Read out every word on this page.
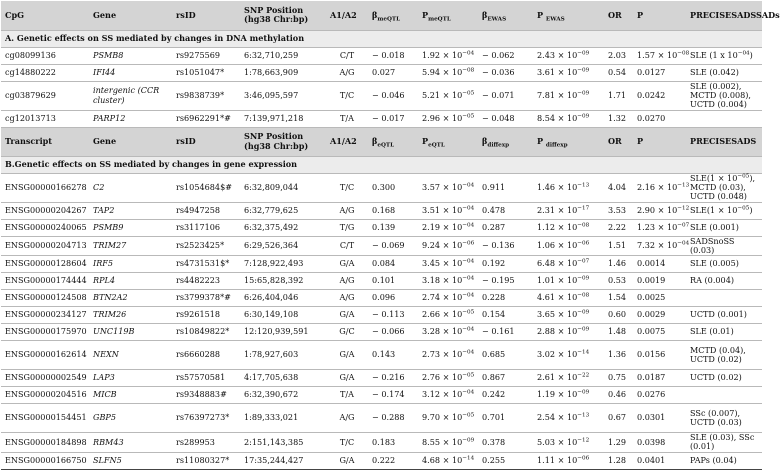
CpG	Gene	rsID	SNP Position (hg38 Chr:bp)	A1/A2	$\beta_{meQTL}$	$P_{meQTL}$	$\beta_{EWAS}$	P $_{EWAS}$	OR	P	PRECISESADSSADs
A. Genetic effects on SS mediated by changes in DNA methylation											
cg08099136	PSMB8	rs9275569	6:32,710,259	C/T	− 0.018	$1.92 \times 10^{-04}$	− 0.062	$2.43 \times 10^{-09}$	2.03	$1.57 \times 10^{-08}$	SLE (1 x $10^{-04}$)
cg14880222	IFI44	rs1051047*	1:78,663,909	A/G	0.027	$5.94 \times 10^{-08}$	− 0.036	$3.61 \times 10^{-09}$	0.54	0.0127	SLE (0.042)
cg03879629	intergenic (CCR cluster)	rs9838739*	3:46,095,597	T/C	− 0.046	$5.21 \times 10^{-05}$	− 0.071	$7.81 \times 10^{-09}$	1.71	0.0242	SLE (0.002), MCTD (0.008), UCTD (0.004)
cg12013713	PARP12	rs6962291*#	7:139,971,218	T/A	− 0.017	$2.96 \times 10^{-05}$	− 0.048	$8.54 \times 10^{-09}$	1.32	0.0270	
Transcript	Gene	rsID	SNP Position (hg38 Chr:bp)	A1/A2	$\beta_{eQTL}$	$P_{eQTL}$	$\beta_{diffexp}$	P $_{diffexp}$	OR	P	PRECISESADS
B.Genetic effects on SS mediated by changes in gene expression											
ENSG00000166278	C2	rs1054684$#	6:32,809,044	T/C	0.300	$3.57 \times 10^{-04}$	0.911	$1.46 \times 10^{-13}$	4.04	$2.16 \times 10^{-13}$	$SLE(1 \times 10^{-05})$, MCTD (0.03), UCTD (0.048)
ENSG00000204267	TAP2	rs4947258	6:32,779,625	A/G	0.168	$3.51 \times 10^{-04}$	0.478	$2.31 \times 10^{-17}$	3.53	$2.90 \times 10^{-12}$	$SLE(1 \times 10^{-05})$
ENSG00000240065	PSMB9	rs3117106	6:32,375,492	T/G	0.139	$2.19 \times 10^{-04}$	0.287	$1.12 \times 10^{-08}$	2.22	$1.23 \times 10^{-07}$	SLE (0.001)
ENSG00000204713	TRIM27	rs2523425*	6:29,526,364	C/T	− 0.069	$9.24 \times 10^{-06}$	− 0.136	$1.06 \times 10^{-06}$	1.51	$7.32 \times 10^{-04}$	SADSnoSS (0.03)
ENSG00000128604	IRF5	rs4731531$*	7:128,922,493	G/A	0.084	$3.45 \times 10^{-04}$	0.192	$6.48 \times 10^{-07}$	1.46	0.0014	SLE (0.005)
ENSG00000174444	RPL4	rs4482223	15:65,828,392	A/G	0.101	$3.18 \times 10^{-04}$	− 0.195	$1.01 \times 10^{-09}$	0.53	0.0019	RA (0.004)
ENSG00000124508	BTN2A2	rs3799378*#	6:26,404,046	A/G	0.096	$2.74 \times 10^{-04}$	0.228	$4.61 \times 10^{-08}$	1.54	0.0025	
ENSG00000234127	TRIM26	rs9261518	6:30,149,108	G/A	− 0.113	$2.66 \times 10^{-05}$	0.154	$3.65 \times 10^{-09}$	0.60	0.0029	UCTD (0.001)
ENSG00000175970	UNC119B	rs10849822*	12:120,939,591	G/C	− 0.066	$3.28 \times 10^{-04}$	− 0.161	$2.88 \times 10^{-09}$	1.48	0.0075	SLE (0.01)
ENSG00000162614	NEXN	rs6660288	1:78,927,603	G/A	0.143	$2.73 \times 10^{-04}$	0.685	$3.02 \times 10^{-14}$	1.36	0.0156	MCTD (0.04), UCTD (0.02)
ENSG00000002549	LAP3	rs57570581	4:17,705,638	G/A	− 0.216	$2.76 \times 10^{-05}$	0.867	$2.61 \times 10^{-22}$	0.75	0.0187	UCTD (0.02)
ENSG00000204516	MICB	rs9348883#	6:32,390,672	T/A	− 0.174	$3.12 \times 10^{-04}$	0.242	$1.19 \times 10^{-09}$	0.46	0.0276	
ENSG00000154451	GBP5	rs76397273*	1:89,333,021	A/G	− 0.288	$9.70 \times 10^{-05}$	0.701	$2.54 \times 10^{-13}$	0.67	0.0301	SSc (0.007), UCTD (0.03)
ENSG00000184898	RBM43	rs289953	2:151,143,385	T/C	0.183	$8.55 \times 10^{-09}$	0.378	$5.03 \times 10^{-12}$	1.29	0.0398	SLE (0.03), SSc (0.01)
ENSG00000166750	SLFN5	rs11080327*	17:35,244,427	G/A	0.222	$4.68 \times 10^{-14}$	0.255	$1.11 \times 10^{-06}$	1.28	0.0401	PAPs (0.04)
